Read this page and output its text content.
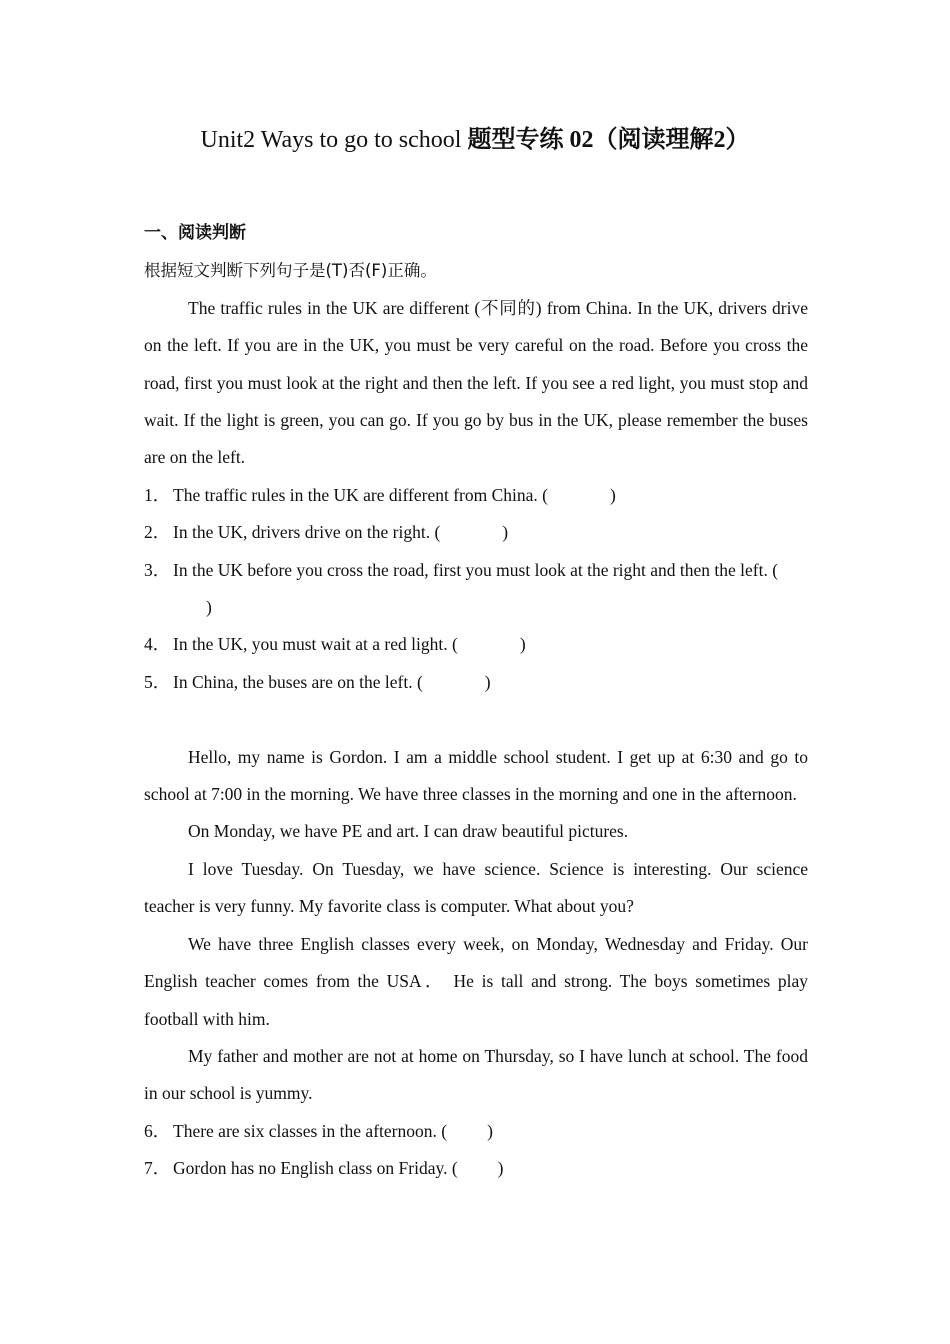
Unit2 Ways to go to school 题型专练 02（阅读理解2）

一、阅读判断

根据短文判断下列句子是(T)否(F)正确。

The traffic rules in the UK are different (不同的) from China. In the UK, drivers drive on the left. If you are in the UK, you must be very careful on the road. Before you cross the road, first you must look at the right and then the left. If you see a red light, you must stop and wait. If the light is green, you can go. If you go by bus in the UK, please remember the buses are on the left.

1． The traffic rules in the UK are different from China. (	)

2． In the UK, drivers drive on the right. (	)

3． In the UK before you cross the road, first you must look at the right and then the left. ()

4． In the UK, you must wait at a red light. (	)

5． In China, the buses are on the left. (	)

Hello, my name is Gordon. I am a middle school student. I get up at 6:30 and go to school at 7:00 in the morning. We have three classes in the morning and one in the afternoon.

On Monday, we have PE and art. I can draw beautiful pictures.

I love Tuesday. On Tuesday, we have science. Science is interesting. Our science teacher is very funny. My favorite class is computer. What about you?

We have three English classes every week, on Monday, Wednesday and Friday. Our English teacher comes from the USA． He is tall and strong. The boys sometimes play football with him.

My father and mother are not at home on Thursday, so I have lunch at school. The food in our school is yummy.

6． There are six classes in the afternoon. ( )

7． Gordon has no English class on Friday. ( )
